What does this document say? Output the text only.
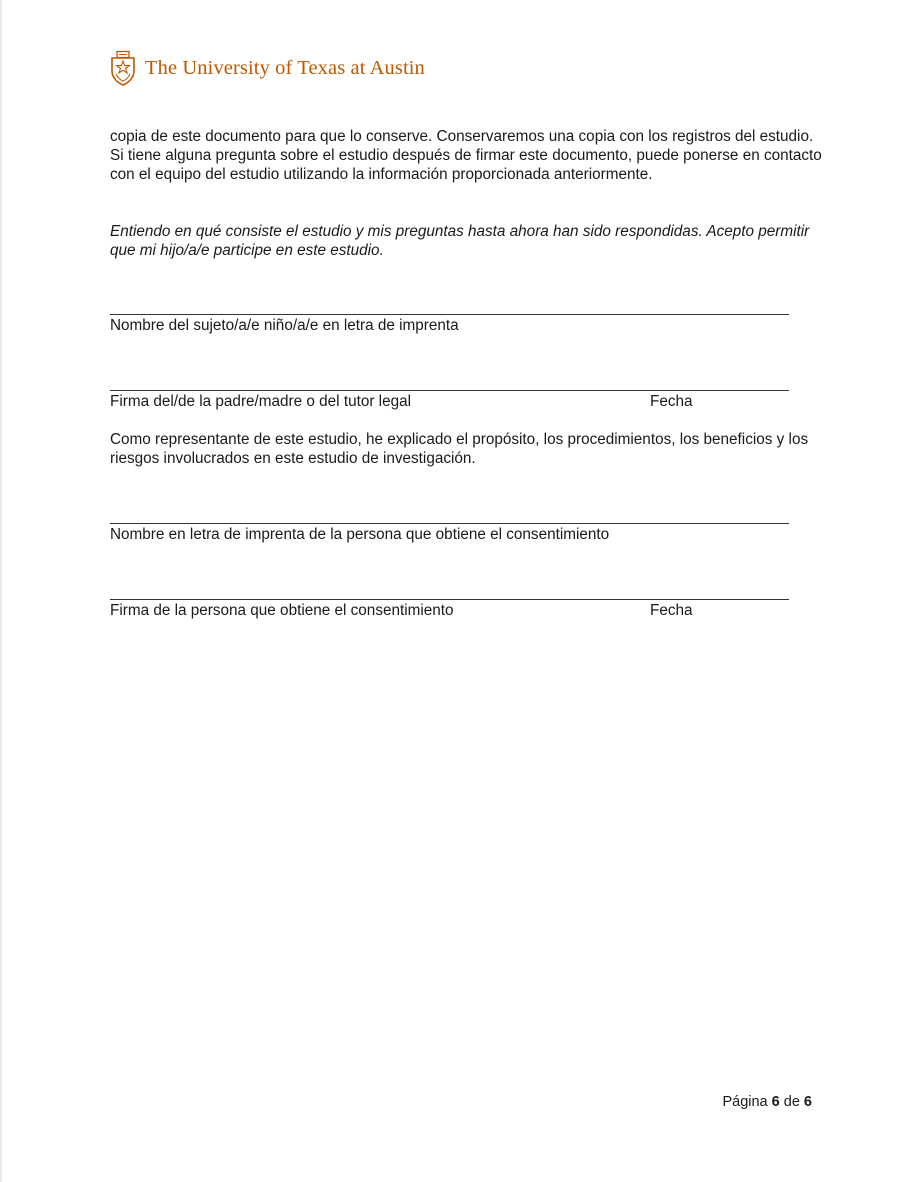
The University of Texas at Austin

copia de este documento para que lo conserve. Conservaremos una copia con los registros del estudio. Si tiene alguna pregunta sobre el estudio después de firmar este documento, puede ponerse en contacto con el equipo del estudio utilizando la información proporcionada anteriormente.

Entiendo en qué consiste el estudio y mis preguntas hasta ahora han sido respondidas. Acepto permitir que mi hijo/a/e participe en este estudio.

Nombre del sujeto/a/e niño/a/e en letra de imprenta
Firma del/de la padre/madre o del tutor legal	Fecha

Como representante de este estudio, he explicado el propósito, los procedimientos, los beneficios y los riesgos involucrados en este estudio de investigación.

Nombre en letra de imprenta de la persona que obtiene el consentimiento
Firma de la persona que obtiene el consentimiento	Fecha
Página 6 de 6
